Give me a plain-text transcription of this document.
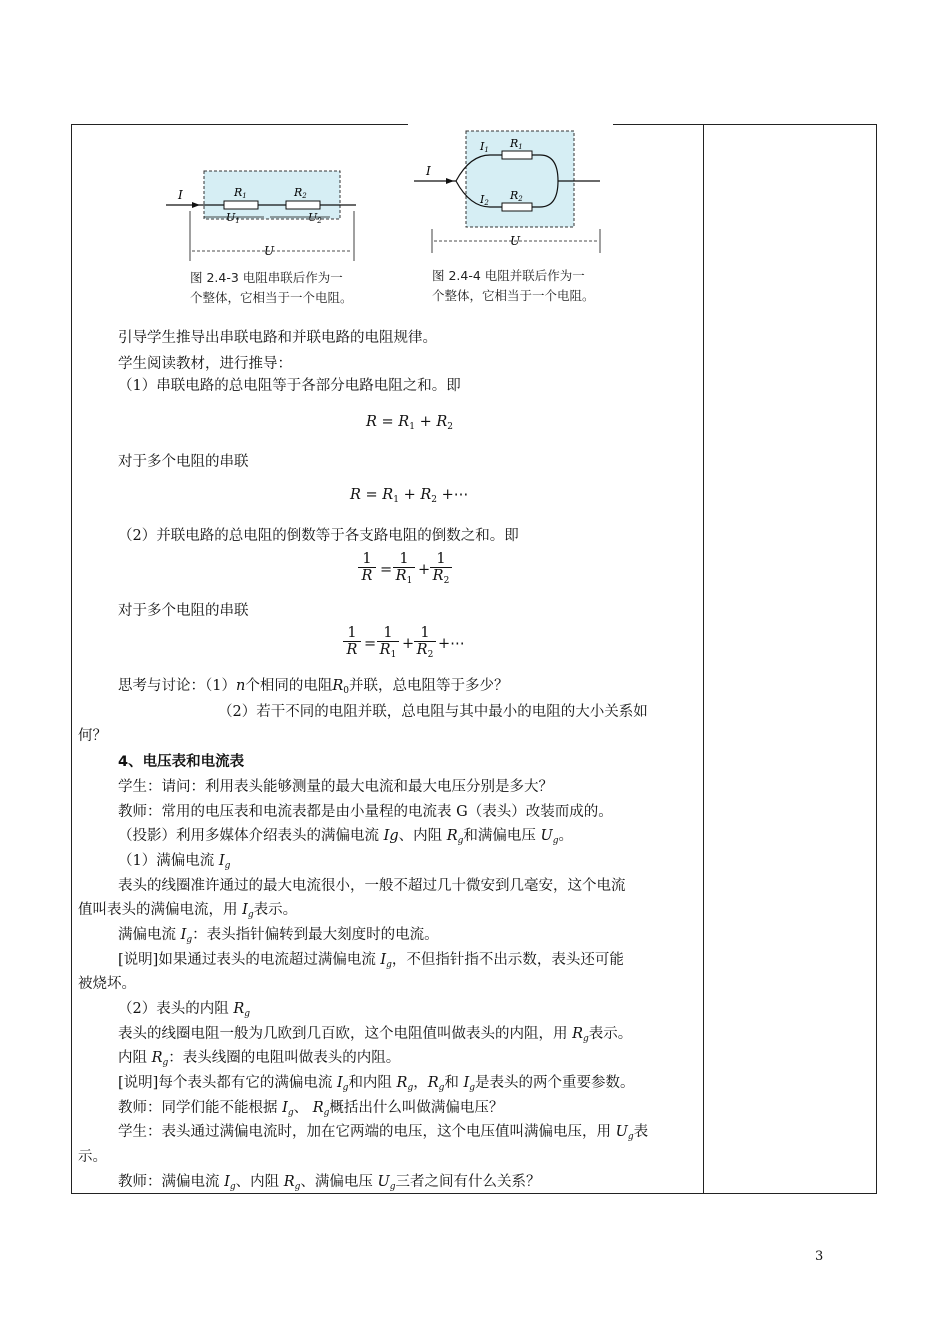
I	R1	R2
U1	U2
U
图 2.4-3 电阻串联后作为一
个整体，它相当于一个电阻。
I
I1 R1
I2
R2
U
图 2.4-4 电阻并联后作为一
个整体，它相当于一个电阻。
引导学生推导出串联电路和并联电路的电阻规律。
学生阅读教材，进行推导：
（1）串联电路的总电阻等于各部分电路电阻之和。即
$R = R_1 + R_2$
对于多个电阻的串联
$R = R_1 + R_2$ +⋯
（2）并联电路的总电阻的倒数等于各支路电阻的倒数之和。即
$\frac{1}{R} = \frac{1}{R_1} + \frac{1}{R_2}$
对于多个电阻的串联
$\frac{1}{R} = \frac{1}{R_1} + \frac{1}{R_2}$ +⋯
思考与讨论：（1）n个相同的电阻$R_0$并联，总电阻等于多少？
（2）若干不同的电阻并联，总电阻与其中最小的电阻的大小关系如
何？
4、电压表和电流表
学生：请问：利用表头能够测量的最大电流和最大电压分别是多大？
教师：常用的电压表和电流表都是由小量程的电流表 G（表头）改装而成的。
（投影）利用多媒体介绍表头的满偏电流 Ig、内阻 $R_g$和满偏电压 $U_g$。
（1）满偏电流 $I_g$
表头的线圈准许通过的最大电流很小，一般不超过几十微安到几毫安，这个电流
值叫表头的满偏电流，用 $I_g$表示。
满偏电流 $I_g$：表头指针偏转到最大刻度时的电流。
[说明]如果通过表头的电流超过满偏电流 $I_g$，不但指针指不出示数，表头还可能
被烧坏。
（2）表头的内阻 $R_g$
表头的线圈电阻一般为几欧到几百欧，这个电阻值叫做表头的内阻，用 $R_g$表示。
内阻 $R_g$：表头线圈的电阻叫做表头的内阻。
[说明]每个表头都有它的满偏电流 $I_g$和内阻 $R_g$，$R_g$和 $I_g$是表头的两个重要参数。
教师：同学们能不能根据 $I_g$、 $R_g$概括出什么叫做满偏电压？
学生：表头通过满偏电流时，加在它两端的电压，这个电压值叫满偏电压，用 $U_g$表
示。
教师：满偏电流 $I_g$、内阻 $R_g$、满偏电压 $U_g$三者之间有什么关系？
3
